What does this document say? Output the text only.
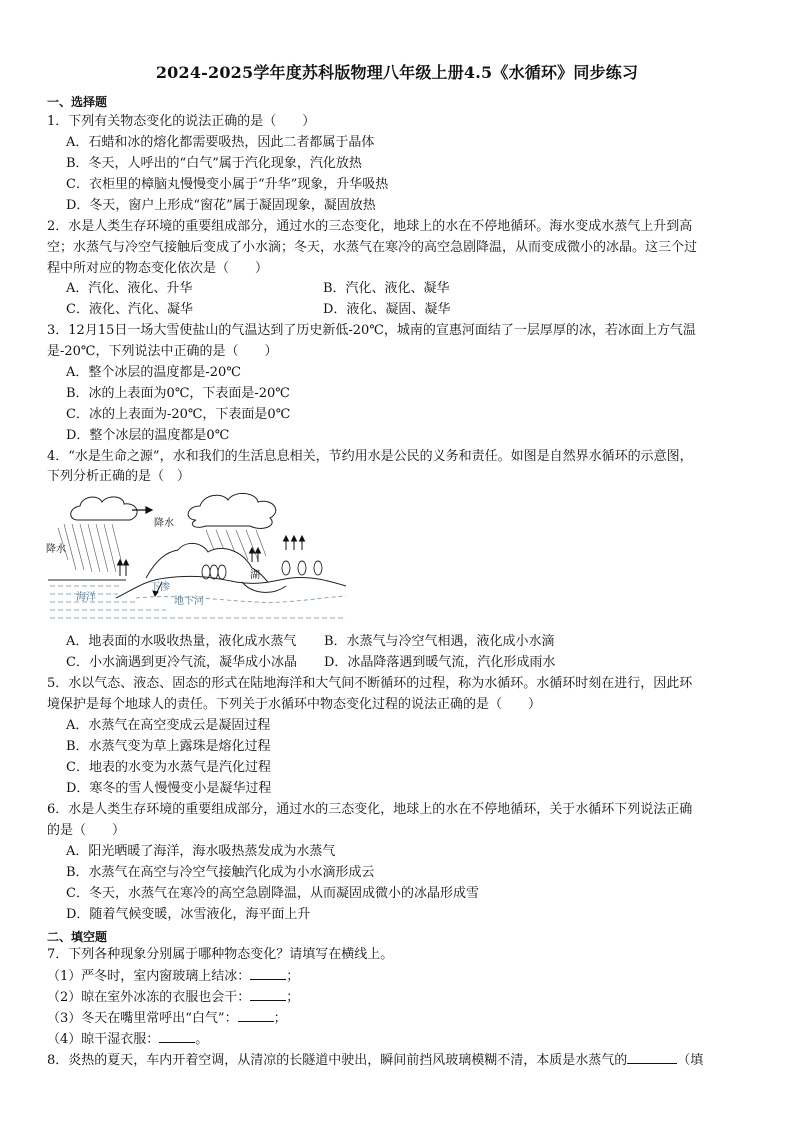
2024-2025学年度苏科版物理八年级上册4.5《水循环》同步练习
一、选择题
1．下列有关物态变化的说法正确的是（　　）
A．石蜡和冰的熔化都需要吸热，因此二者都属于晶体
B．冬天，人呼出的“白气”属于汽化现象，汽化放热
C．衣柜里的樟脑丸慢慢变小属于“升华”现象，升华吸热
D．冬天，窗户上形成“窗花”属于凝固现象，凝固放热
2．水是人类生存环境的重要组成部分，通过水的三态变化，地球上的水在不停地循环。海水变成水蒸气上升到高
空；水蒸气与冷空气接触后变成了小水滴；冬天，水蒸气在寒冷的高空急剧降温，从而变成微小的冰晶。这三个过
程中所对应的物态变化依次是（　　）
A．汽化、液化、升华	B．汽化、液化、凝华
C．液化、汽化、凝华	D．液化、凝固、凝华
3．12月15日一场大雪使盐山的气温达到了历史新低-20℃，城南的宣惠河面结了一层厚厚的冰，若冰面上方气温
是-20℃，下列说法中正确的是（　　）
A．整个冰层的温度都是-20℃
B．冰的上表面为0℃，下表面是-20℃
C．冰的上表面为-20℃，下表面是0℃
D．整个冰层的温度都是0℃
4．“水是生命之源”，水和我们的生活息息相关，节约用水是公民的义务和责任。如图是自然界水循环的示意图，
下列分析正确的是（　）
降水
降水
海洋
下渗
地下河
湖
A．地表面的水吸收热量，液化成水蒸气 B．水蒸气与冷空气相遇，液化成小水滴
C．小水滴遇到更冷气流，凝华成小冰晶 D．冰晶降落遇到暖气流，汽化形成雨水
5．水以气态、液态、固态的形式在陆地海洋和大气间不断循环的过程，称为水循环。水循环时刻在进行，因此环
境保护是每个地球人的责任。下列关于水循环中物态变化过程的说法正确的是（　　）
A．水蒸气在高空变成云是凝固过程
B．水蒸气变为草上露珠是熔化过程
C．地表的水变为水蒸气是汽化过程
D．寒冬的雪人慢慢变小是凝华过程
6．水是人类生存环境的重要组成部分，通过水的三态变化，地球上的水在不停地循环，关于水循环下列说法正确
的是（　　）
A．阳光晒暖了海洋，海水吸热蒸发成为水蒸气
B．水蒸气在高空与冷空气接触汽化成为小水滴形成云
C．冬天，水蒸气在寒冷的高空急剧降温，从而凝固成微小的冰晶形成雪
D．随着气候变暖，冰雪液化，海平面上升
二、填空题
7．下列各种现象分别属于哪种物态变化？请填写在横线上。
（1）严冬时，室内窗玻璃上结冰：	；
（2）晾在室外冰冻的衣服也会干：	；
（3）冬天在嘴里常呼出“白气”：	；
（4）晾干湿衣服：	。
8．炎热的夏天，车内开着空调，从清凉的长隧道中驶出，瞬间前挡风玻璃模糊不清，本质是水蒸气的	（填
